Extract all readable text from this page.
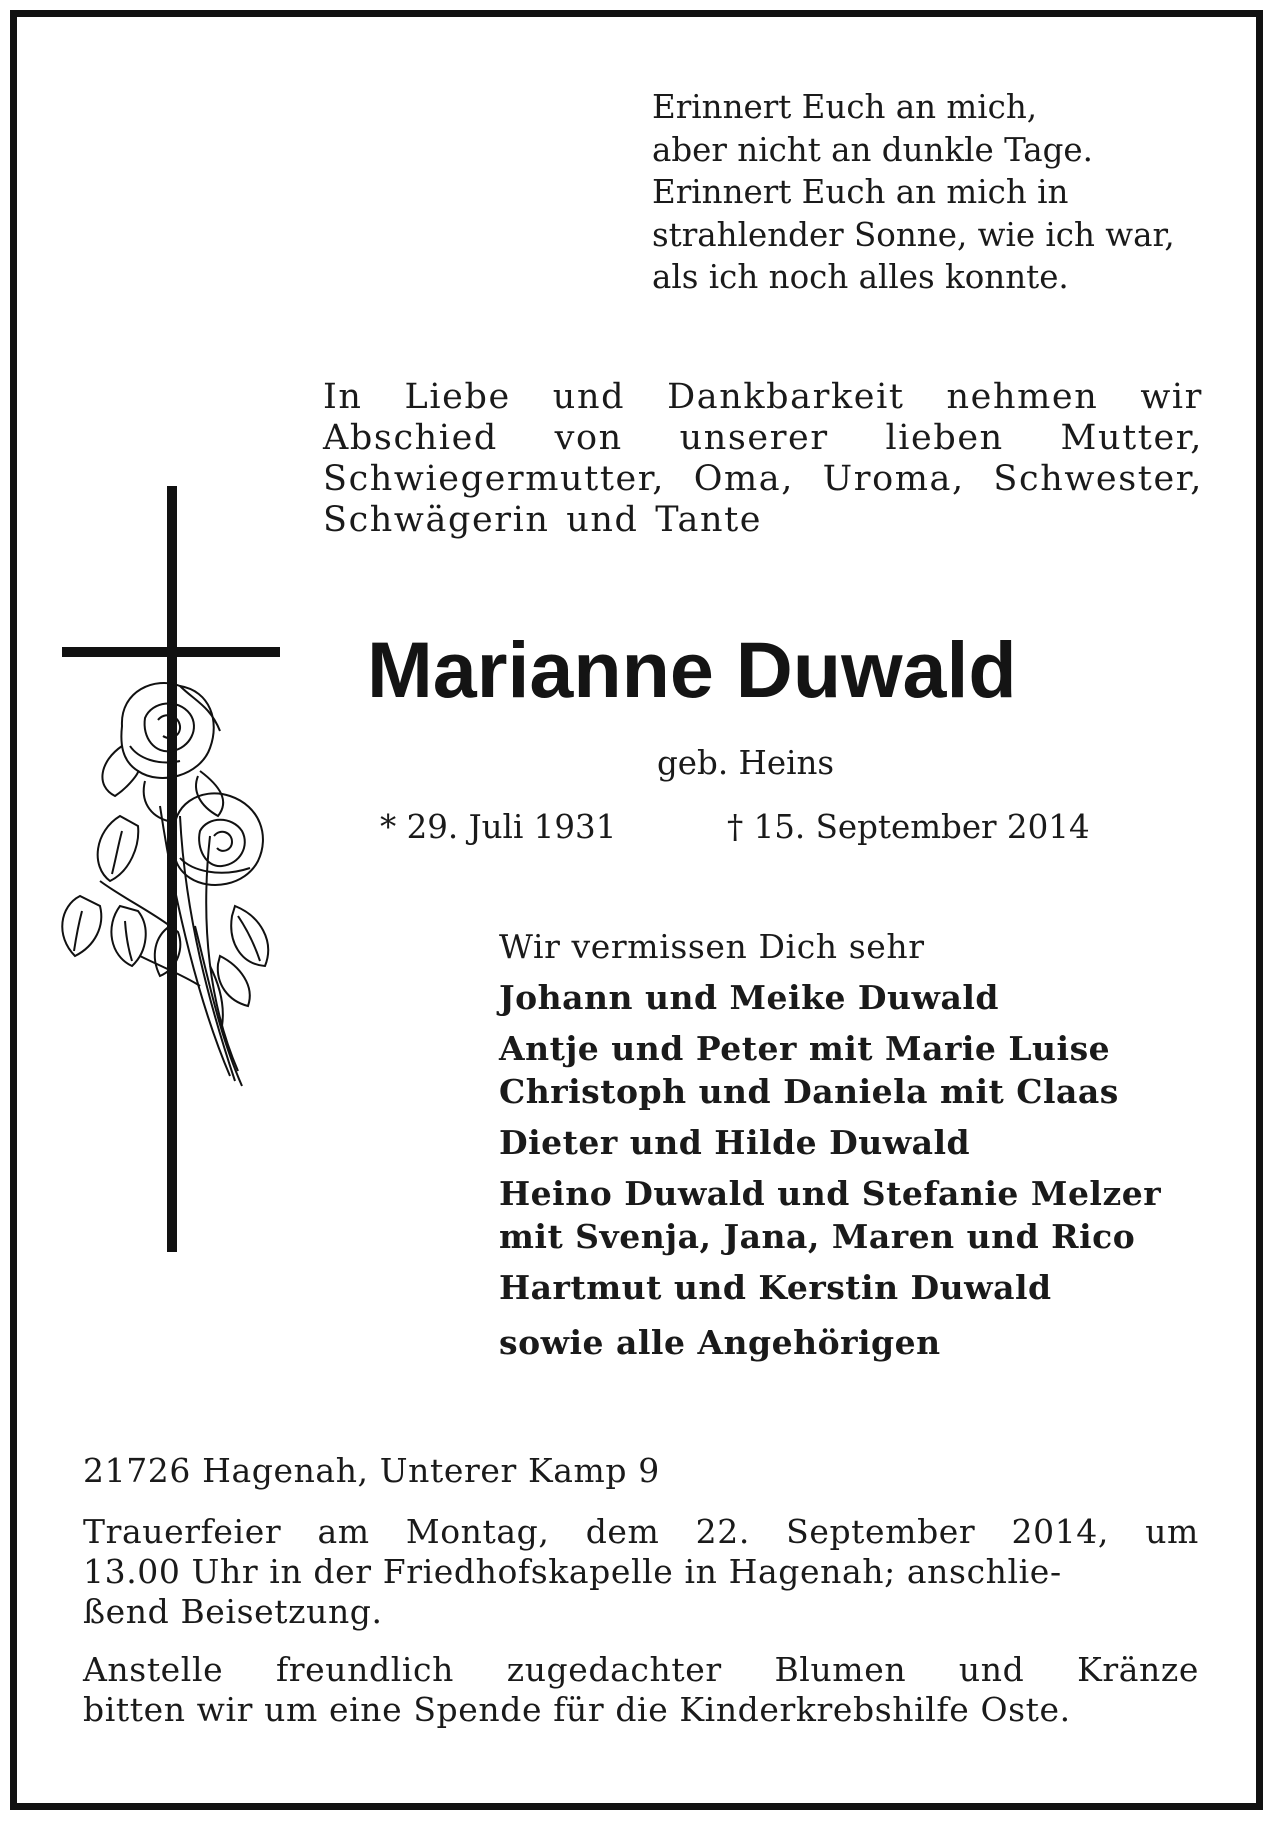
Erinnert Euch an mich,
aber nicht an dunkle Tage.
Erinnert Euch an mich in
strahlender Sonne, wie ich war,
als ich noch alles konnte.
In Liebe und Dankbarkeit nehmen wir
Abschied von unserer lieben Mutter,
Schwiegermutter, Oma, Uroma, Schwester,
Schwägerin und Tante
Marianne Duwald
geb. Heins
* 29. Juli 1931	† 15. September 2014
Wir vermissen Dich sehr
Johann und Meike Duwald
Antje und Peter mit Marie Luise
Christoph und Daniela mit Claas
Dieter und Hilde Duwald
Heino Duwald und Stefanie Melzer
mit Svenja, Jana, Maren und Rico
Hartmut und Kerstin Duwald
sowie alle Angehörigen
21726 Hagenah, Unterer Kamp 9
Trauerfeier am Montag, dem 22. September 2014, um
13.00 Uhr in der Friedhofskapelle in Hagenah; anschlie-
ßend Beisetzung.
Anstelle freundlich zugedachter Blumen und Kränze
bitten wir um eine Spende für die Kinderkrebshilfe Oste.
